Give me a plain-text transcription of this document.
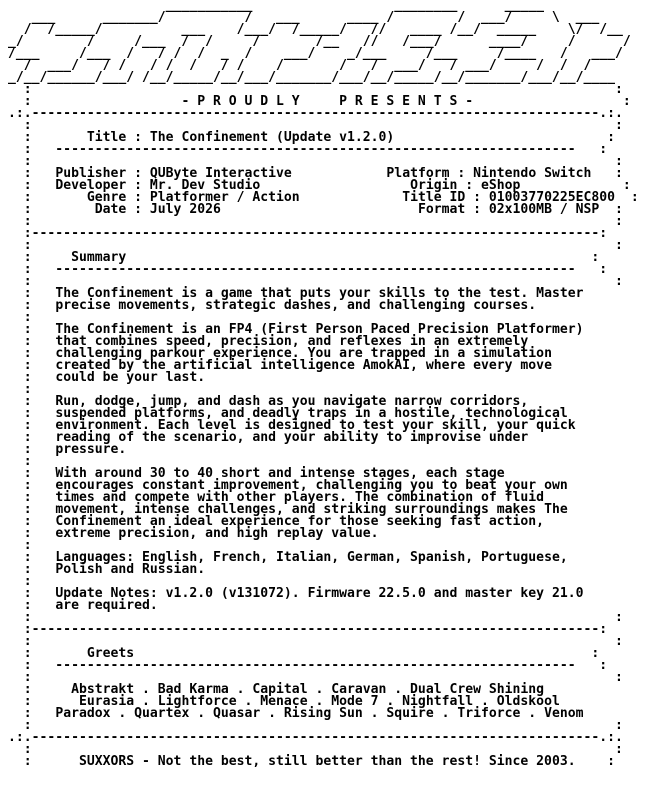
___________                  ________      _____
___      _______/          /   ___      ____ /        /  ___/     \  ___
/  /_____/          ___    /___/  /_____/   //   ____ /__/  _____    \/  /__
_/        /     /___  /  /     /       /__   //   /___/      ____/     /      /
/___     /___  /   / /  /  _  /    ___/    _/___     /___     /____   /   ___/
/  ___/   / /   / /  /   / /    /       /   /  ___/   / ___/     /  /  /
_/__/______/___/ /__/_____/__/___/_______/___/__/_____/__/_______/___/__/____
:                                                                          :
:                   - P R O U D L Y     P R E S E N T S -                   :
.:.------------------------------------------------------------------------.:.
:                                                                          :
:       Title : The Confinement (Update v1.2.0)                           :
:   ------------------------------------------------------------------   :
:                                                                          :
:   Publisher : QUByte Interactive	Platform : Nintendo Switch   :
:   Developer : Mr. Dev Studio	Origin : eShop             :
:       Genre : Platformer / Action	Title ID : 01003770225EC800  :
:        Date : July 2026	Format : 02x100MB / NSP  :
:                                                                          :
:------------------------------------------------------------------------:
:                                                                          :
:     Summary                                                           :
:   ------------------------------------------------------------------   :
:                                                                          :
:   The Confinement is a game that puts your skills to the test. Master
:   precise movements, strategic dashes, and challenging courses.
:
:   The Confinement is an FP4 (First Person Paced Precision Platformer)
:   that combines speed, precision, and reflexes in an extremely
:   challenging parkour experience. You are trapped in a simulation
:   created by the artificial intelligence AmokAI, where every move
:   could be your last.
:
:   Run, dodge, jump, and dash as you navigate narrow corridors,
:   suspended platforms, and deadly traps in a hostile, technological
:   environment. Each level is designed to test your skill, your quick
:   reading of the scenario, and your ability to improvise under
:   pressure.
:
:   With around 30 to 40 short and intense stages, each stage
:   encourages constant improvement, challenging you to beat your own
:   times and compete with other players. The combination of fluid
:   movement, intense challenges, and striking surroundings makes The
:   Confinement an ideal experience for those seeking fast action,
:   extreme precision, and high replay value.
:
:   Languages: English, French, Italian, German, Spanish, Portuguese,
:   Polish and Russian.
:
:   Update Notes: v1.2.0 (v131072). Firmware 22.5.0 and master key 21.0
:   are required.
:                                                                          :
:------------------------------------------------------------------------:
:                                                                          :
:       Greets                                                          :
:   ------------------------------------------------------------------   :
:                                                                          :
:     Abstrakt . Bad Karma . Capital . Caravan . Dual Crew Shining
:      Eurasia . Lightforce . Menace . Mode 7 . Nightfall . Oldskool
:   Paradox . Quartex . Quasar . Rising Sun . Squire . Triforce . Venom
:                                                                          :
.:.------------------------------------------------------------------------.:.
:                                                                          :
:      SUXXORS - Not the best, still better than the rest! Since 2003.    :
